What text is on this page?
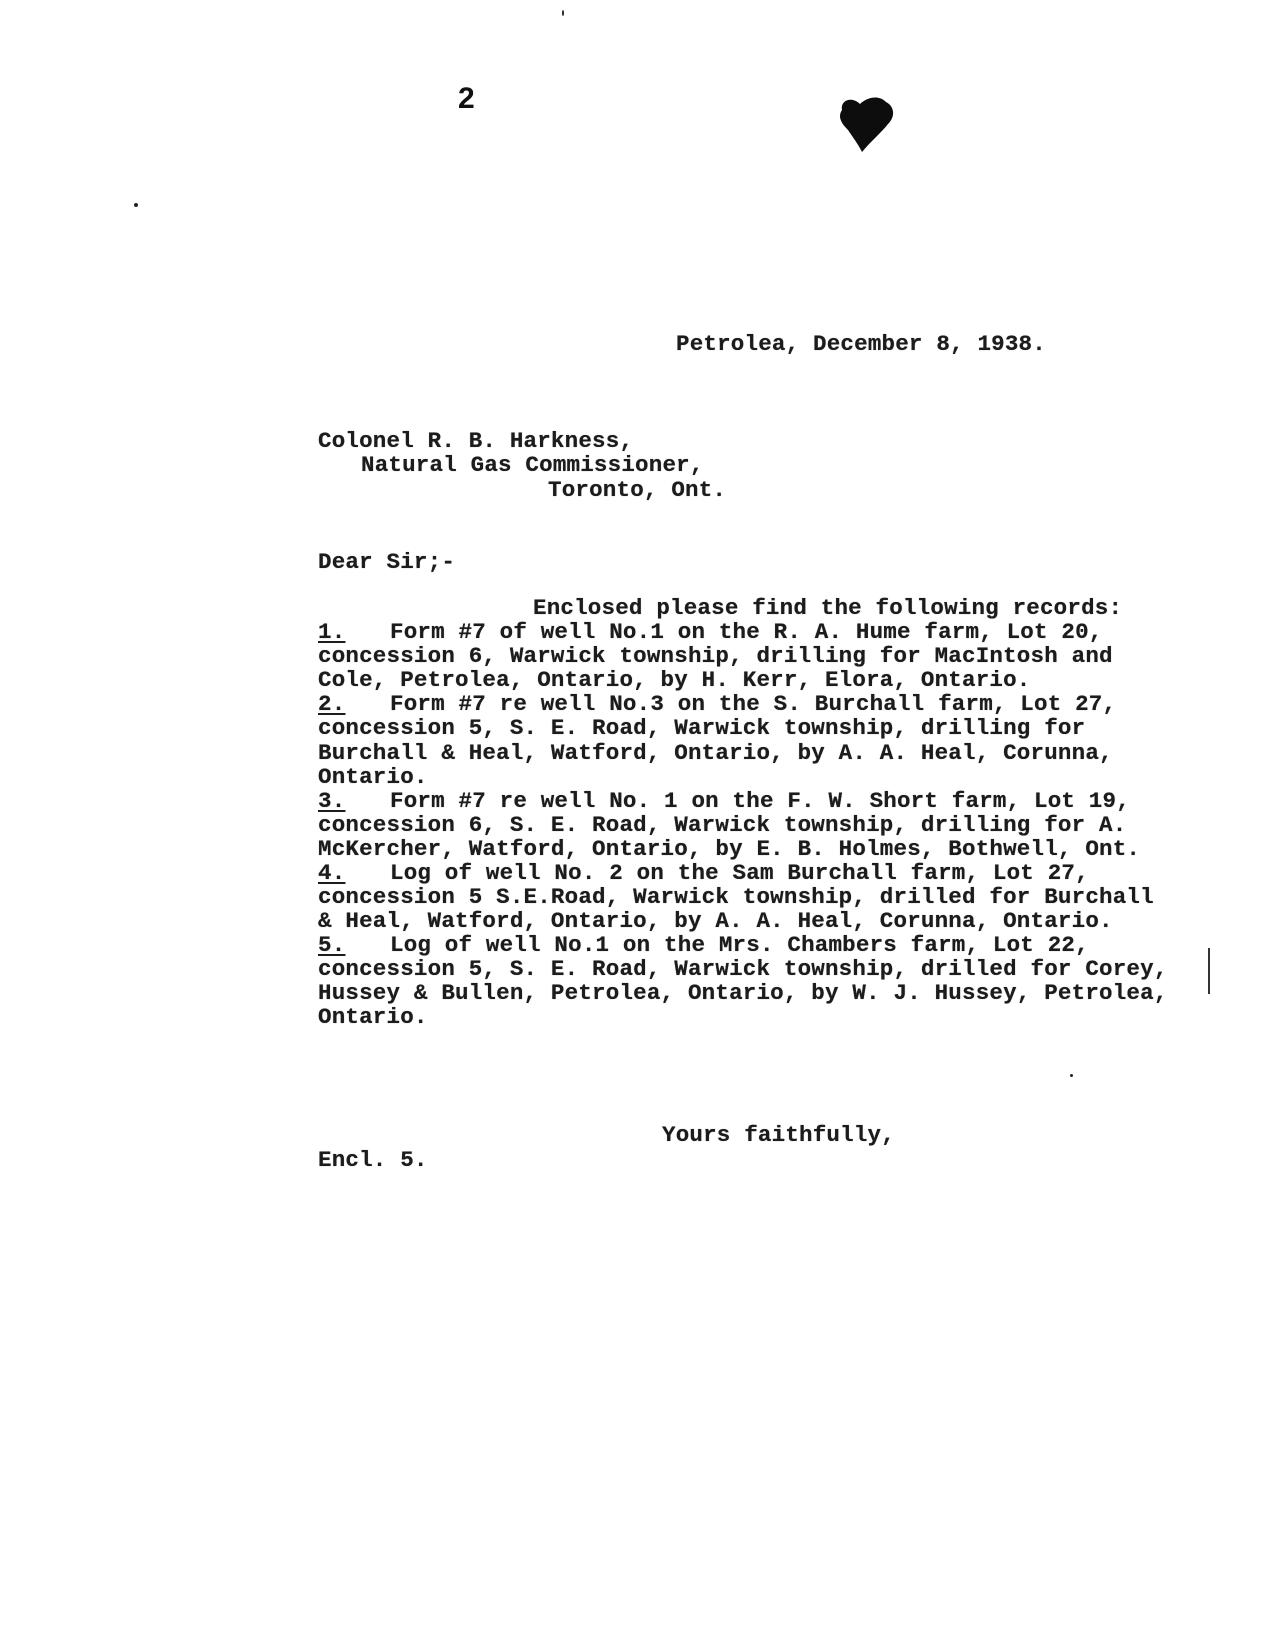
2
Petrolea, December 8, 1938.
Colonel R. B. Harkness,
Natural Gas Commissioner,
Toronto, Ont.
Dear Sir;-
Enclosed please find the following records:
1. Form #7 of well No.1 on the R. A. Hume farm, Lot 20,
concession 6, Warwick township, drilling for MacIntosh and
Cole, Petrolea, Ontario, by H. Kerr, Elora, Ontario.
2. Form #7 re well No.3 on the S. Burchall farm, Lot 27,
concession 5, S. E. Road, Warwick township, drilling for
Burchall & Heal, Watford, Ontario, by A. A. Heal, Corunna,
Ontario.
3. Form #7 re well No. 1 on the F. W. Short farm, Lot 19,
concession 6, S. E. Road, Warwick township, drilling for A.
McKercher, Watford, Ontario, by E. B. Holmes, Bothwell, Ont.
4. Log of well No. 2 on the Sam Burchall farm, Lot 27,
concession 5 S.E.Road, Warwick township, drilled for Burchall
& Heal, Watford, Ontario, by A. A. Heal, Corunna, Ontario.
5. Log of well No.1 on the Mrs. Chambers farm, Lot 22,
concession 5, S. E. Road, Warwick township, drilled for Corey,
Hussey & Bullen, Petrolea, Ontario, by W. J. Hussey, Petrolea,
Ontario.
Yours faithfully,
Encl. 5.
